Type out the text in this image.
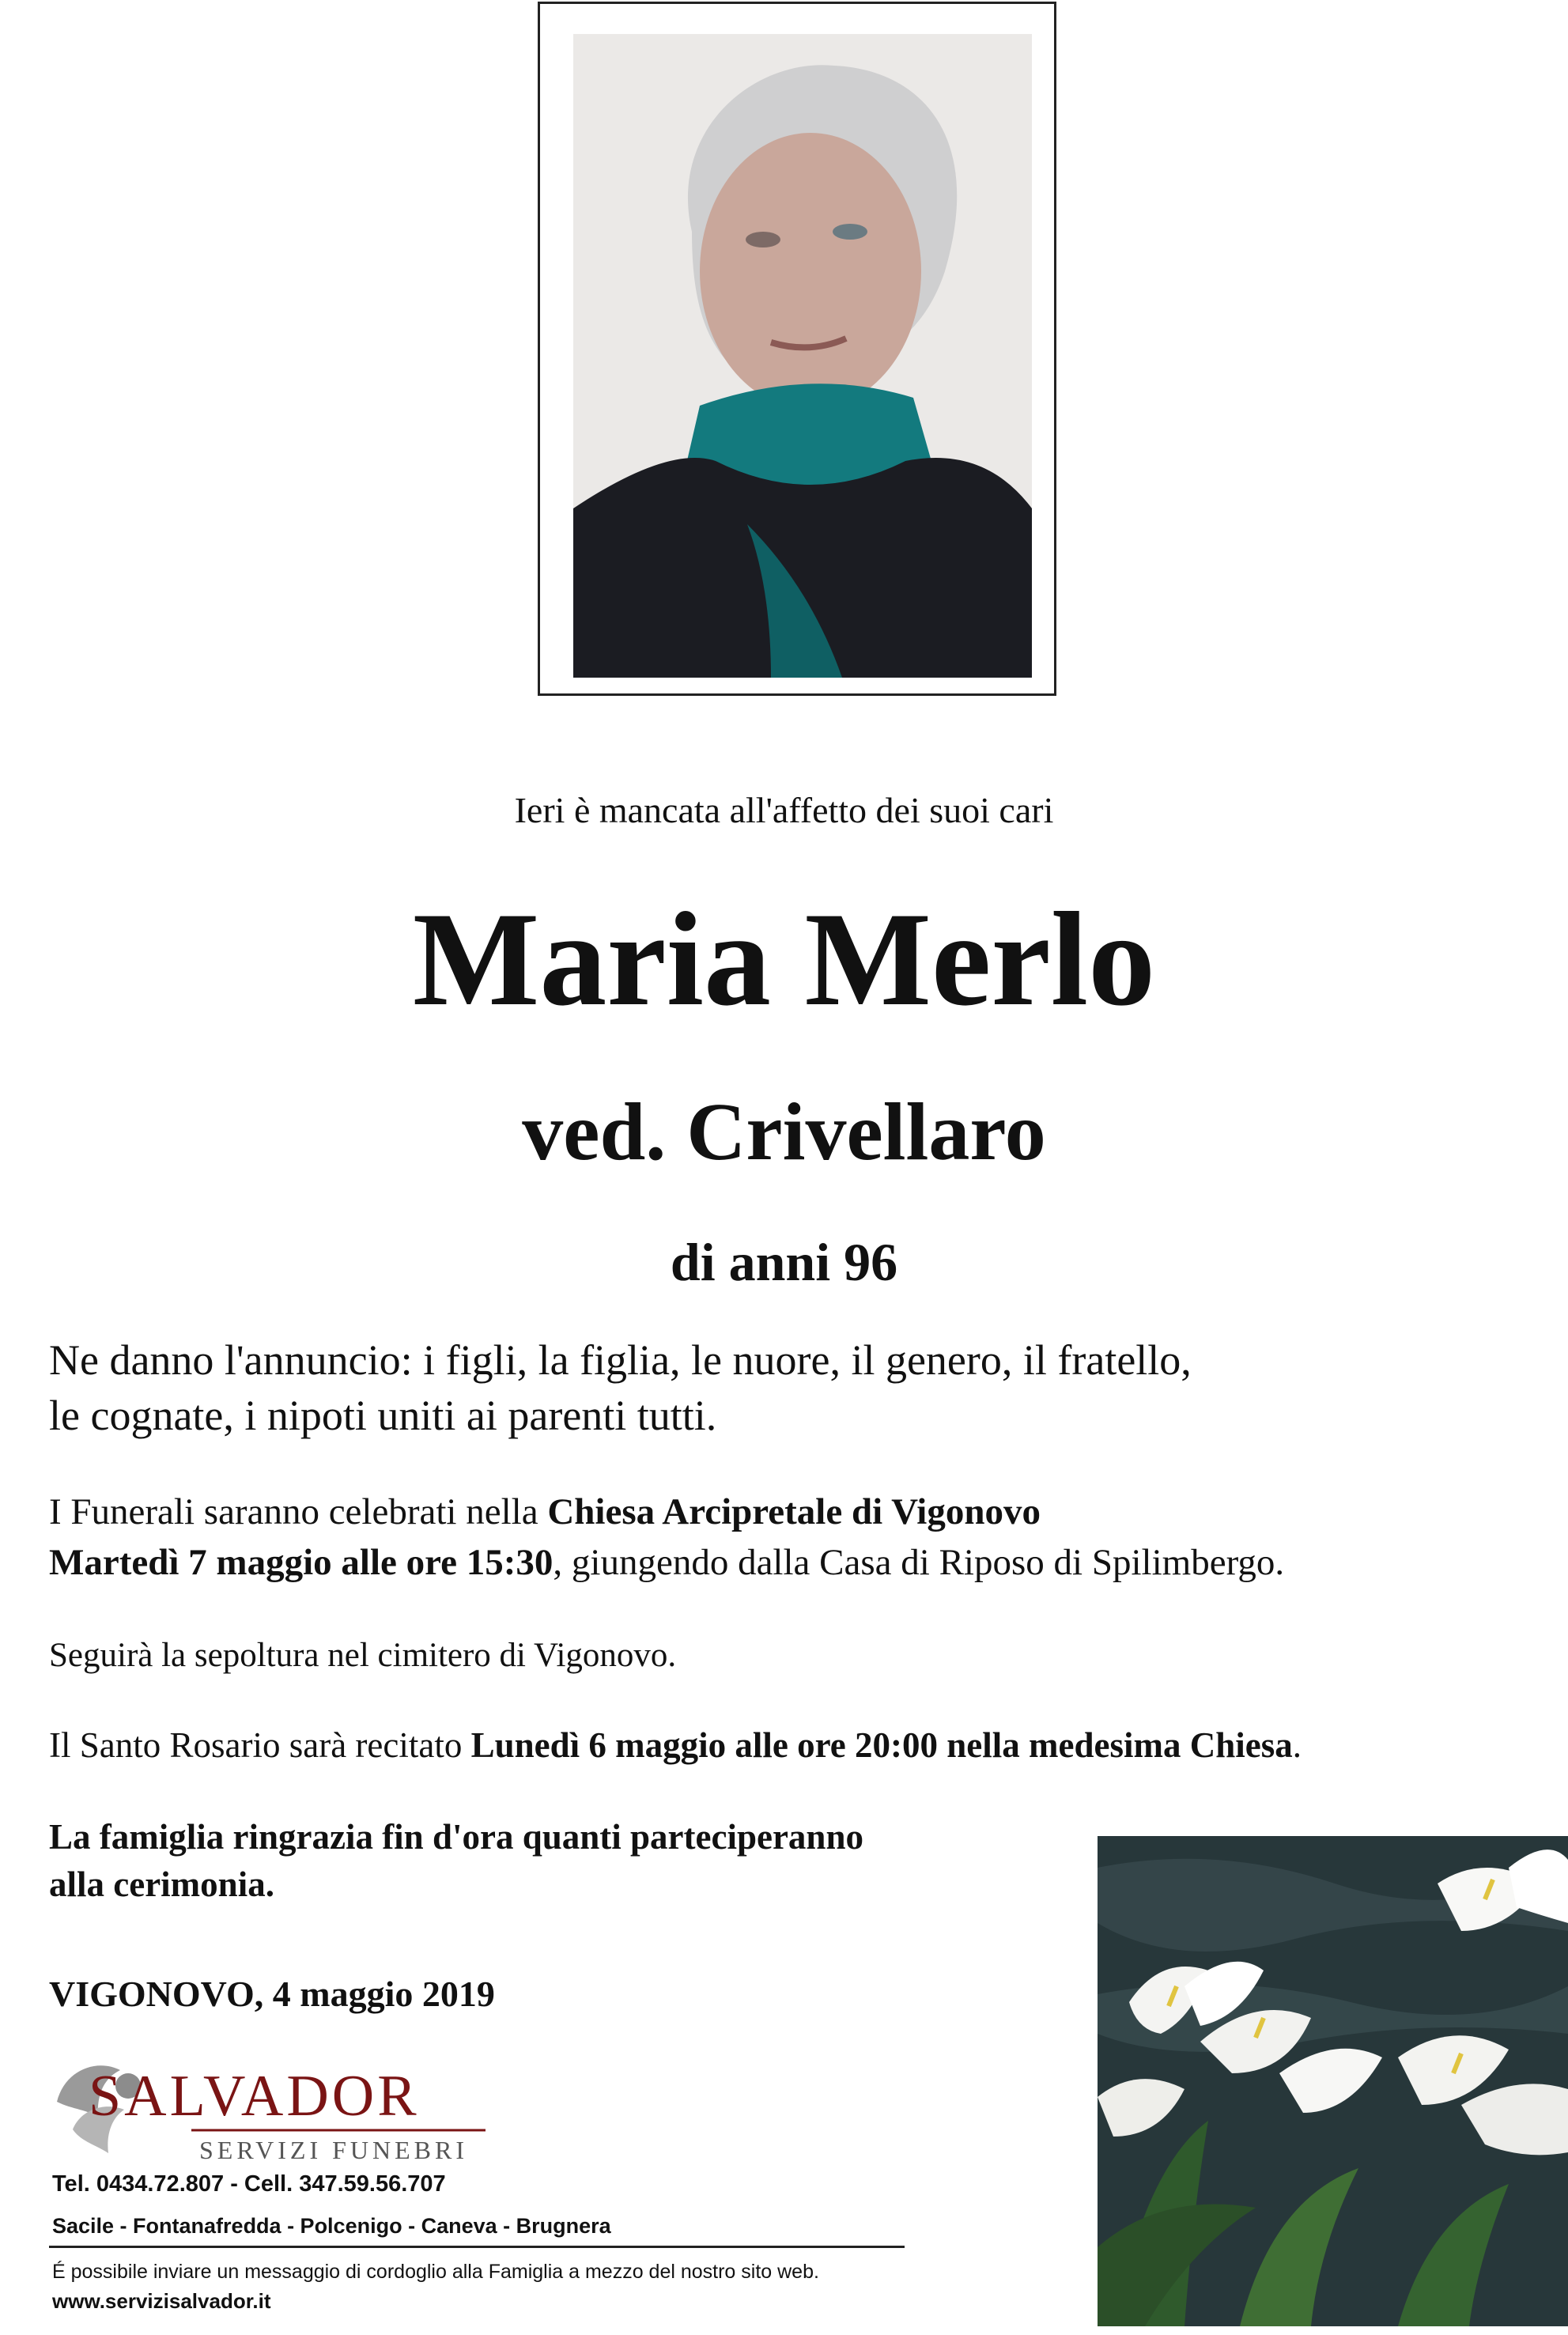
Ieri è mancata all'affetto dei suoi cari
Maria Merlo
ved. Crivellaro
di anni 96
Ne danno l'annuncio: i figli, la figlia, le nuore, il genero, il fratello,
le cognate, i nipoti uniti ai parenti tutti.
I Funerali saranno celebrati nella Chiesa Arcipretale di Vigonovo
Martedì 7 maggio alle ore 15:30, giungendo dalla Casa di Riposo di Spilimbergo.
Seguirà la sepoltura nel cimitero di Vigonovo.
Il Santo Rosario sarà recitato Lunedì 6 maggio alle ore 20:00 nella medesima Chiesa.
La famiglia ringrazia fin d'ora quanti parteciperanno
alla cerimonia.
VIGONOVO, 4 maggio 2019
SALVADOR
SERVIZI FUNEBRI
Tel. 0434.72.807 - Cell. 347.59.56.707
Sacile - Fontanafredda - Polcenigo - Caneva - Brugnera
É possibile inviare un messaggio di cordoglio alla Famiglia a mezzo del nostro sito web.
www.servizisalvador.it
